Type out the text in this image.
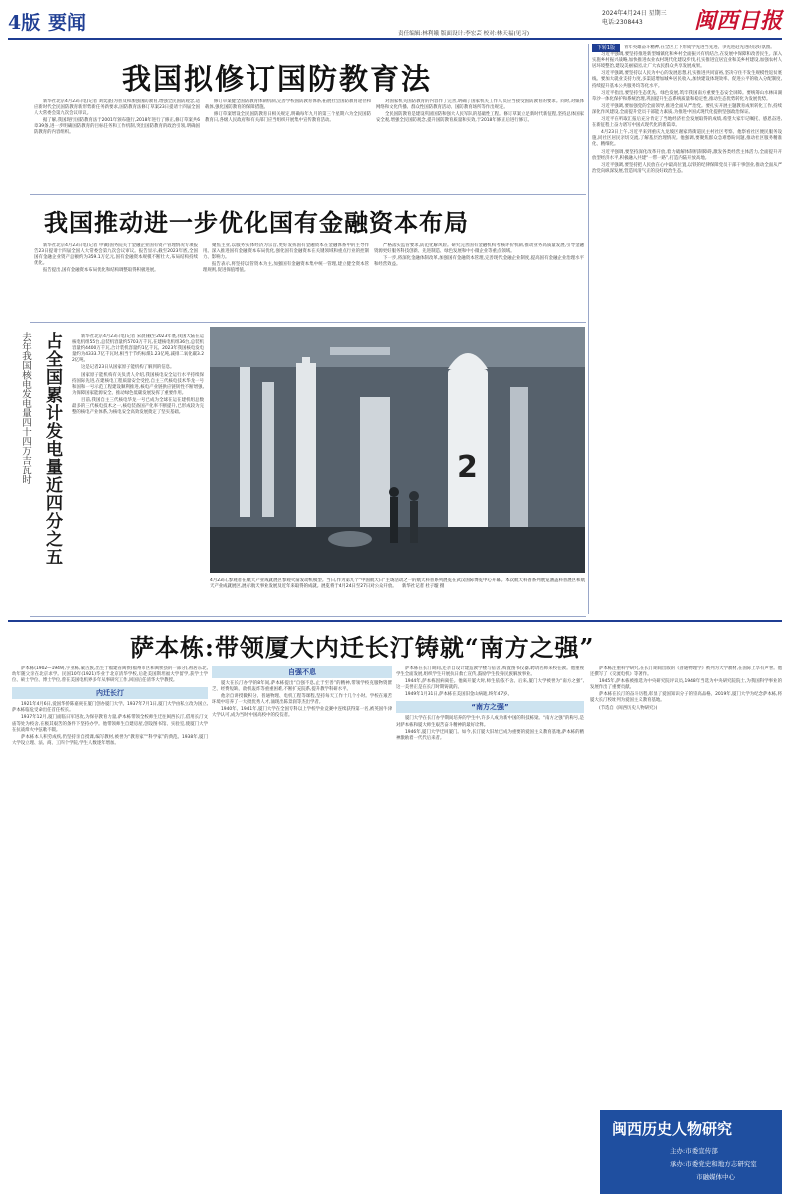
4版 要闻	2024年4月24日 星期三
电话:2308443
责任编辑:林利娥 版面设计:李宏芸 校对:林天福(见习)	闽西日报
我国拟修订国防教育法

新华社北京4月23日电(记者 刘奕湛)为普及和加强国防教育,增强全民国防观念,适应新时代全民国防教育新形势新任务新要求,国防教育法修订草案23日提请十四届全国人大常委会第九次会议审议。

据了解,我国现行国防教育法于2001年颁布施行,2018年进行了修正,修订草案共6章39条,进一步明确国防教育的目标任务和工作机制,突出国防教育的政治引领,明确国防教育的内容组织。

修订草案健全国防教育体制机制,完善学校国防教育体系,拓展社会国防教育途径和载体,强化国防教育的保障措施。

修订草案增设全民国防教育日相关规定,明确每年九月的第三个星期六为全民国防教育日,各级人民政府和有关部门应当组织开展集中宣传教育活动。

对国家机关国防教育的内容作了完善,明确了国家机关工作人员应当接受国防教育的要求。同时,对媒体网络和文化传播、群众性国防教育活动、国防教育场所等作出规定。

全民国防教育是建设巩固国防和强大人民军队的基础性工程。修订草案立足新时代新征程,坚持总体国家安全观,增强全民国防观念,提升国防教育质量和实效,于2018年修正后进行修订。

我国推动进一步优化国有金融资本布局

新华社北京4月23日电(记者 申铖)国务院关于金融企业国有资产管理情况专项报告23日提请十四届全国人大常委会第九次会议审议。报告显示,截至2023年底,全国国有金融企业资产总额约为359.1万亿元,国有金融资本规模不断壮大,布局结构持续优化。

报告提出,国有金融资本布局优化和结构调整取得积极进展。

聚焦主业,以服务实体经济为宗旨,更好发挥国有金融资本在金融体系中的主导作用。深入推进国有金融资本布局优化,强化国有金融资本在关键领域和重点行业的控制力、影响力。

报告表示,将坚持以管资本为主,加强国有金融资本集中统一管理,建立健全资本管理规则,促进保值增值。

严格落实监管要求,防范化解风险。研究完善国有金融机构考核评价机制,推动业务高质量发展,引导金融资源更好服务科技创新、先进制造、绿色发展和中小微企业等重点领域。

下一步,将深化金融体制改革,加强国有金融资本管理,完善现代金融企业制度,提高国有金融企业治理水平和经营效益。

占全国累计发电量近四分之五
去年我国核电发电量四十四万吉瓦时	新华社北京4月23日电(记者 宋晨)截至2023年底,我国大陆在运核电机组55台,总装机容量约5703万千瓦,在建核电机组36台,总装机容量约4400万千瓦,合计装机容量约1亿千瓦。2023年我国核电发电量约为4333.7亿千瓦时,相当于节约标煤1.23亿吨,减排二氧化碳3.22亿吨。

这是记者23日从国家原子能机构了解到的信息。

国家原子能机构有关负责人介绍,我国核电安全运行水平持续保持国际先进,在建核电工程质量安全受控,自主三代核电技术华龙一号和国和一号示范工程建设顺利推进,核电产业链供应链韧性不断增强,为保障国家能源安全、推动绿色低碳发展发挥了重要作用。

目前,我国自主三代核电华龙一号已成为全球在运在建机组总数最多的三代核电技术之一,核电装备国产化率不断提升,已形成较为完整的核电产业体系,为核电安全高效发展奠定了坚实基础。

2
4月23日,参观者在航天产业成就展区参观火箭发动机模型。当日,作为第九个“中国航天日”主场活动之一的航天科普系列展览在武汉国际博览中心开幕。本次航天科普系列展览涵盖科普展区和航天产业成就展区,展示航天事业发展及近年来取得的成就。展览将于4月24日至27日对公众开放。 新华社记者 杜子璇 摄
下转1版	青年英雄奋斗精神,在全区上下形成学先进当先进、争先进赶先进的良好氛围。

习近平强调,要坚持推进新型城镇化和乡村全面振兴有机结合,在发展中保障和改善民生。深入实施乡村振兴战略,加快推进农业农村现代化建设步伐,扎实推进宜居宜业和美乡村建设,加强农村人居环境整治,建设美丽家园,让广大农民群众共享发展成果。

习近平强调,要坚持以人民为中心的发展思想,扎实推进共同富裕,坚决守住不发生规模性返贫底线。要加大就业支持力度,多渠道增加城乡居民收入,加快建设体现效率、促进公平的收入分配制度,持续提升基本公共服务均等化水平。

习近平指出,要坚持生态优先、绿色发展,筑牢我国南方重要生态安全屏障。要统筹山水林田湖草沙一体化保护和系统治理,巩固提升生态系统质量和稳定性,推动生态优势转化为发展优势。

习近平强调,要加强党的全面领导,推进全面从严治党。要扎实开展主题教育成果转化工作,持续深化作风建设,全面提升党员干部能力素质,为推进中国式现代化提供坚强政治保证。

习近平在听取汇报后充分肯定了当地经济社会发展取得的成绩,希望大家牢记嘱托、感恩奋进,在新征程上奋力谱写中国式现代化的新篇章。

4月23日上午,习近平来到重庆九龙坡区谢家湾街道民主村社区考察。他察看社区便民服务设施,同社区居民亲切交流,了解基层治理情况。他强调,要聚焦群众急难愁盼问题,推动社区服务精准化、精细化。

习近平强调,要坚持深化改革开放,着力破解体制机制障碍,激发各类经营主体活力,全面提升开放型经济水平,积极融入共建“一带一路”,打造内陆开放高地。

习近平强调,要坚持把人民放在心中最高位置,以铁的纪律保障党员干部干事创业,推动全面从严治党向纵深发展,营造风清气正的良好政治生态。

萨本栋:带领厦大内迁长汀铸就“南方之强”

萨本栋(1902—1949),字亚栋,蒙古族,出生于福建省闽侯(福州市区和闽侯县的一部分),祖居东北,幼年随父亲在北京求学。民国10年(1921)毕业于北京清华学校,后赴美国斯坦福大学留学,获学士学位、硕士学位、博士学位,曾在美国电机界多年从事研究工作,回国后任清华大学教授。

内迁长汀

1921年4月6日,爱国华侨陈嘉庚在厦门创办厦门大学。1937年7月1日,厦门大学由私立改为国立,萨本栋临危受命出任首任校长。

1937年12月,厦门面临日军进攻,为保存教育力量,萨本栋带领全校师生迁往闽西长汀,借用长汀文庙等处为校舍,在极其艰苦的条件下坚持办学。他带领师生自建房屋,创设图书馆、实验室,使厦门大学在抗战烽火中弦歌不辍。

萨本栋本人积劳成疾,仍坚持亲自授课,编写教材,被誉为“教育家”“科学家”的典范。1938年,厦门大学设立理、法、商、工四个学院,学生人数逐年增加。

自强不息

厦大在长汀办学的8年间,萨本栋提出“自强不息,止于至善”的精神,带领学校克服物资匮乏、经费短缺、敌机轰炸等重重困难,不断扩充院系,提升教学科研水平。

他亲自讲授微积分、普通物理、电机工程等课程,坚持每天工作十几个小时。学校在艰苦环境中培养了一大批优秀人才,涌现出陈景润等杰出学者。

1940年、1941年,厦门大学在全国专科以上学校学业竞赛中连续获得第一名,被英国牛津大学认可,成为当时中国高校中的佼佼者。

萨本栋在长汀期间,还亲自设计建造教学楼与宿舍,购置图书仪器,聘请名师来校任教。他重视学生全面发展,组织学生开展抗日救亡宣传,鼓励学生投身民族解放事业。

1944年,萨本栋因病离任。他离开厦大时,师生依依不舍。后来,厦门大学被誉为“南方之强”,这一美誉正是在长汀时期铸就的。

1949年1月31日,萨本栋在美国旧金山病逝,终年47岁。

“南方之强”

厦门大学在长汀办学期间培养的学生中,许多人成为新中国的科技栋梁。“南方之强”的称号,是对萨本栋和厦大师生艰苦奋斗精神的最好诠释。

1946年,厦门大学迁回厦门。如今,长汀厦大旧址已成为重要的爱国主义教育基地,萨本栋的精神激励着一代代后来者。

萨本栋注重科学研究,在长汀期间出版的《普通物理学》被列为大学教材,在国际上享有声誉。他还撰写了《交流电机》等著作。

1945年,萨本栋被推选为中央研究院评议员,1948年当选为中央研究院院士,为我国科学事业的发展作出了重要贡献。

萨本栋在长汀的奋斗历程,彰显了爱国知识分子的崇高品格。2019年,厦门大学为纪念萨本栋,将厦大长汀校址列为爱国主义教育基地。

(节选自《闽西历史人物研究》)

闽西历史人物研究
主办:市委宣传部
承办:市委党史和地方志研究室
市融媒体中心
